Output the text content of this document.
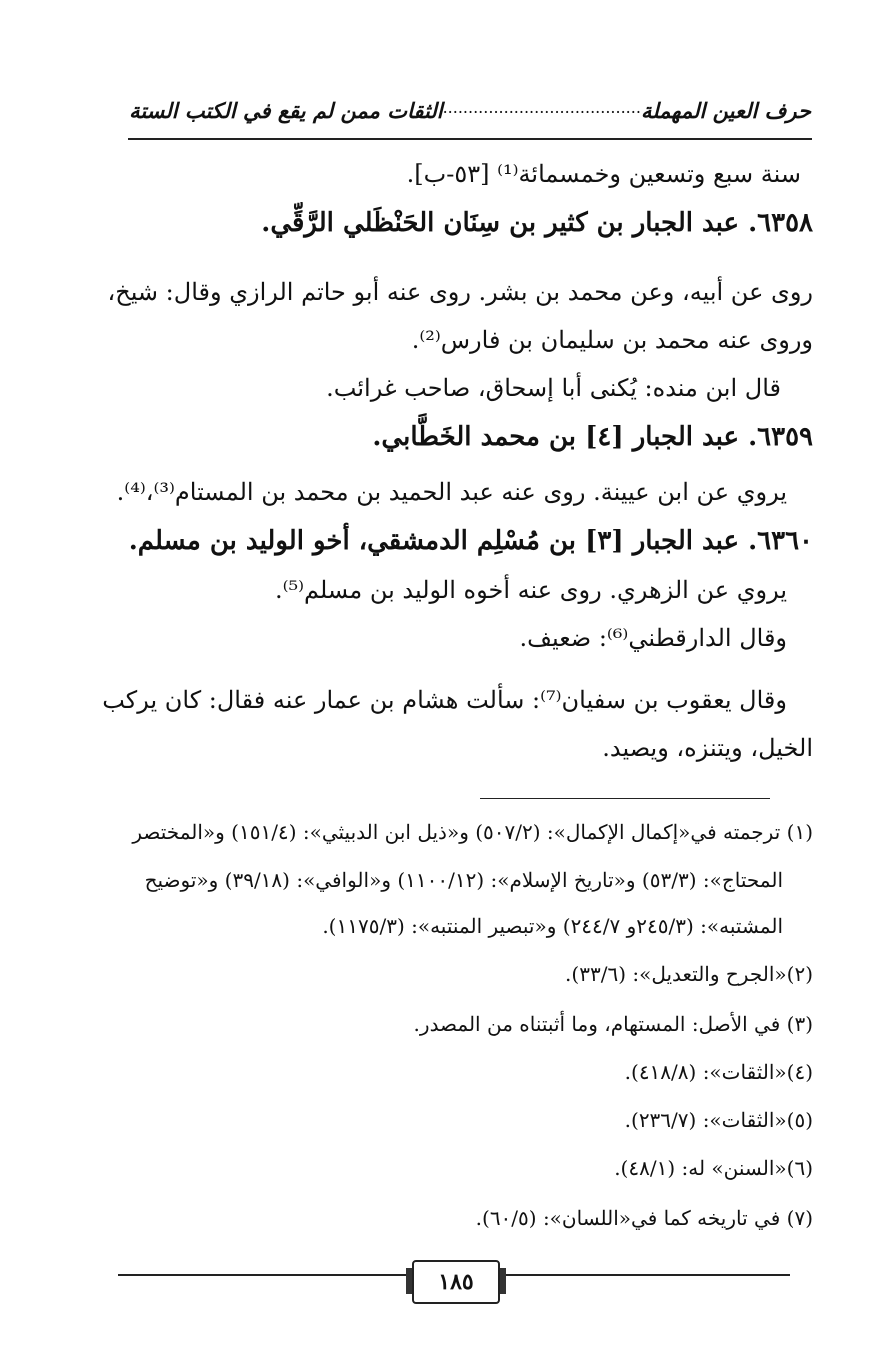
حرف العين المهملة
.......................................
الثقات ممن لم يقع في الكتب الستة
سنة سبع وتسعين وخمسمائة⁽¹⁾ [٥٣-ب].
٦٣٥٨. عبد الجبار بن كثير بن سِنَان الحَنْظَلي الرَّقِّي.
روى عن أبيه، وعن محمد بن بشر. روى عنه أبو حاتم الرازي وقال: شيخ،
وروى عنه محمد بن سليمان بن فارس⁽²⁾.
قال ابن منده: يُكنى أبا إسحاق، صاحب غرائب.
٦٣٥٩. عبد الجبار [٤] بن محمد الخَطَّابي.
يروي عن ابن عيينة. روى عنه عبد الحميد بن محمد بن المستام⁽³⁾،⁽⁴⁾.
٦٣٦٠. عبد الجبار [٣] بن مُسْلِم الدمشقي، أخو الوليد بن مسلم.
يروي عن الزهري. روى عنه أخوه الوليد بن مسلم⁽⁵⁾.
وقال الدارقطني⁽⁶⁾: ضعيف.
وقال يعقوب بن سفيان⁽⁷⁾: سألت هشام بن عمار عنه فقال: كان يركب
الخيل، ويتنزه، ويصيد.
(١) ترجمته في«إكمال الإكمال»: (٥٠٧/٢) و«ذيل ابن الدبيثي»: (١٥١/٤) و«المختصر
المحتاج»: (٥٣/٣) و«تاريخ الإسلام»: (١١٠٠/١٢) و«الوافي»: (٣٩/١٨) و«توضيح
المشتبه»: (٢٤٥/٣و ٢٤٤/٧) و«تبصير المنتبه»: (١١٧٥/٣).
(٢)«الجرح والتعديل»: (٣٣/٦).
(٣) في الأصل: المستهام، وما أثبتناه من المصدر.
(٤)«الثقات»: (٤١٨/٨).
(٥)«الثقات»: (٢٣٦/٧).
(٦)«السنن» له: (٤٨/١).
(٧) في تاريخه كما في«اللسان»: (٦٠/٥).
١٨٥
